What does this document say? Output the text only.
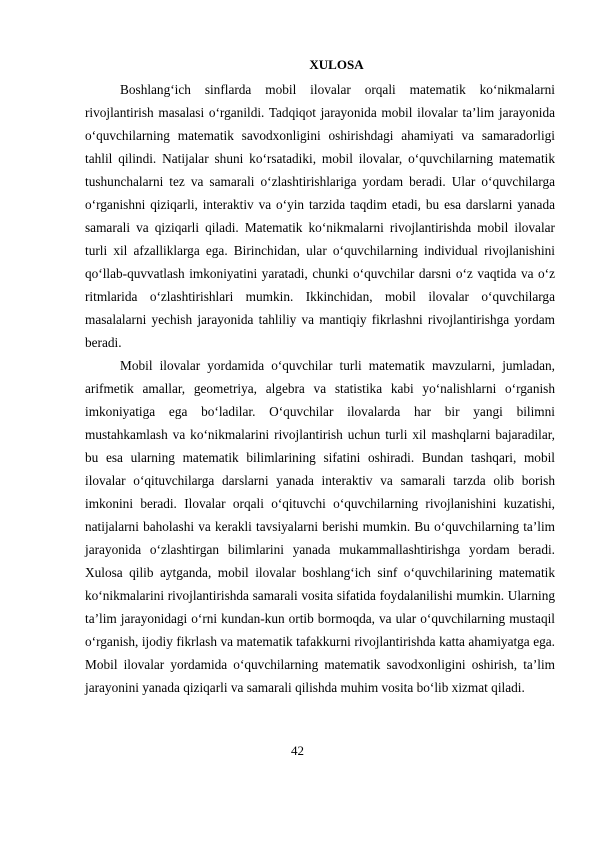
XULOSA

Boshlang‘ich sinflarda mobil ilovalar orqali matematik ko‘nikmalarni rivojlantirish masalasi o‘rganildi. Tadqiqot jarayonida mobil ilovalar ta’lim jarayonida o‘quvchilarning matematik savodxonligini oshirishdagi ahamiyati va samaradorligi tahlil qilindi. Natijalar shuni ko‘rsatadiki, mobil ilovalar, o‘quvchilarning matematik tushunchalarni tez va samarali o‘zlashtirishlariga yordam beradi. Ular o‘quvchilarga o‘rganishni qiziqarli, interaktiv va o‘yin tarzida taqdim etadi, bu esa darslarni yanada samarali va qiziqarli qiladi. Matematik ko‘nikmalarni rivojlantirishda mobil ilovalar turli xil afzalliklarga ega. Birinchidan, ular o‘quvchilarning individual rivojlanishini qo‘llab-quvvatlash imkoniyatini yaratadi, chunki o‘quvchilar darsni o‘z vaqtida va o‘z ritmlarida o‘zlashtirishlari mumkin. Ikkinchidan, mobil ilovalar o‘quvchilarga masalalarni yechish jarayonida tahliliy va mantiqiy fikrlashni rivojlantirishga yordam beradi.

Mobil ilovalar yordamida o‘quvchilar turli matematik mavzularni, jumladan, arifmetik amallar, geometriya, algebra va statistika kabi yo‘nalishlarni o‘rganish imkoniyatiga ega bo‘ladilar. O‘quvchilar ilovalarda har bir yangi bilimni mustahkamlash va ko‘nikmalarini rivojlantirish uchun turli xil mashqlarni bajaradilar, bu esa ularning matematik bilimlarining sifatini oshiradi. Bundan tashqari, mobil ilovalar o‘qituvchilarga darslarni yanada interaktiv va samarali tarzda olib borish imkonini beradi. Ilovalar orqali o‘qituvchi o‘quvchilarning rivojlanishini kuzatishi, natijalarni baholashi va kerakli tavsiyalarni berishi mumkin. Bu o‘quvchilarning ta’lim jarayonida o‘zlashtirgan bilimlarini yanada mukammallashtirishga yordam beradi. Xulosa qilib aytganda, mobil ilovalar boshlang‘ich sinf o‘quvchilarining matematik ko‘nikmalarini rivojlantirishda samarali vosita sifatida foydalanilishi mumkin. Ularning ta’lim jarayonidagi o‘rni kundan-kun ortib bormoqda, va ular o‘quvchilarning mustaqil o‘rganish, ijodiy fikrlash va matematik tafakkurni rivojlantirishda katta ahamiyatga ega. Mobil ilovalar yordamida o‘quvchilarning matematik savodxonligini oshirish, ta’lim jarayonini yanada qiziqarli va samarali qilishda muhim vosita bo‘lib xizmat qiladi.

42
